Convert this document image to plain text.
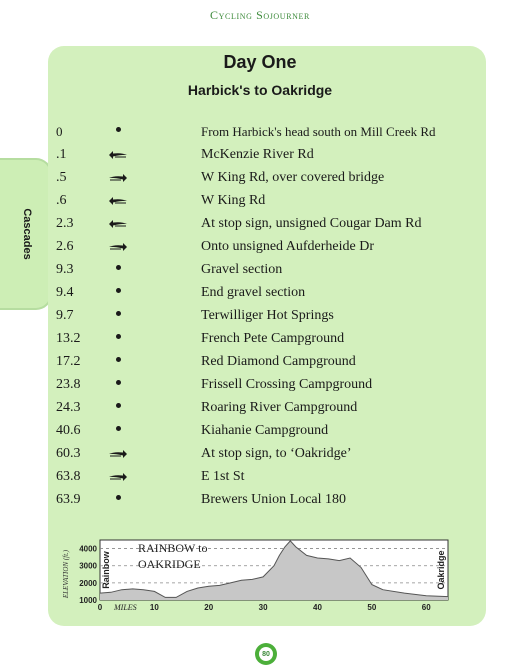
Cycling Sojourner
Cascades
Day One
Harbick's to Oakridge
0	From Harbick's head south on Mill Creek Rd
.1	McKenzie River Rd
.5	W King Rd, over covered bridge
.6	W King Rd
2.3	At stop sign, unsigned Cougar Dam Rd
2.6	Onto unsigned Aufderheide Dr
9.3	Gravel section
9.4	End gravel section
9.7	Terwilliger Hot Springs
13.2	French Pete Campground
17.2	Red Diamond Campground
23.8	Frissell Crossing Campground
24.3	Roaring River Campground
40.6	Kiahanie Campground
60.3	At stop sign, to ‘Oakridge’
63.8	E 1st St
63.9	Brewers Union Local 180
1000
2000
3000
4000
0	10	20	30	40	50	60
MILES
ELEVATION (ft.)	Rainbow	Oakridge
RAINBOW to
OAKRIDGE
80
